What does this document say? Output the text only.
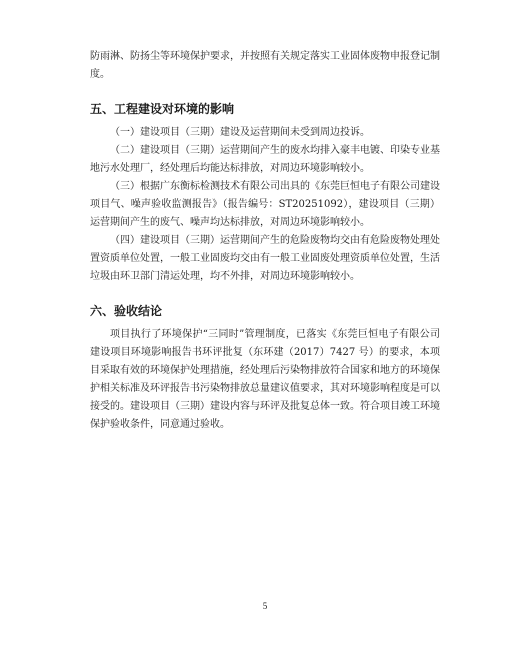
防雨淋、防扬尘等环境保护要求，并按照有关规定落实工业固体废物申报登记制度。

五、工程建设对环境的影响

（一）建设项目（三期）建设及运营期间未受到周边投诉。

（二）建设项目（三期）运营期间产生的废水均排入豪丰电镀、印染专业基地污水处理厂，经处理后均能达标排放，对周边环境影响较小。

（三）根据广东衡标检测技术有限公司出具的《东莞巨恒电子有限公司建设项目气、噪声验收监测报告》（报告编号：ST20251092），建设项目（三期）运营期间产生的废气、噪声均达标排放，对周边环境影响较小。

（四）建设项目（三期）运营期间产生的危险废物均交由有危险废物处理处置资质单位处置，一般工业固废均交由有一般工业固废处理资质单位处置，生活垃圾由环卫部门清运处理，均不外排，对周边环境影响较小。

六、验收结论

项目执行了环境保护“三同时”管理制度，已落实《东莞巨恒电子有限公司建设项目环境影响报告书环评批复（东环建（2017）7427 号）的要求，本项目采取有效的环境保护处理措施，经处理后污染物排放符合国家和地方的环境保护相关标准及环评报告书污染物排放总量建议值要求，其对环境影响程度是可以接受的。建设项目（三期）建设内容与环评及批复总体一致。符合项目竣工环境保护验收条件，同意通过验收。

5
